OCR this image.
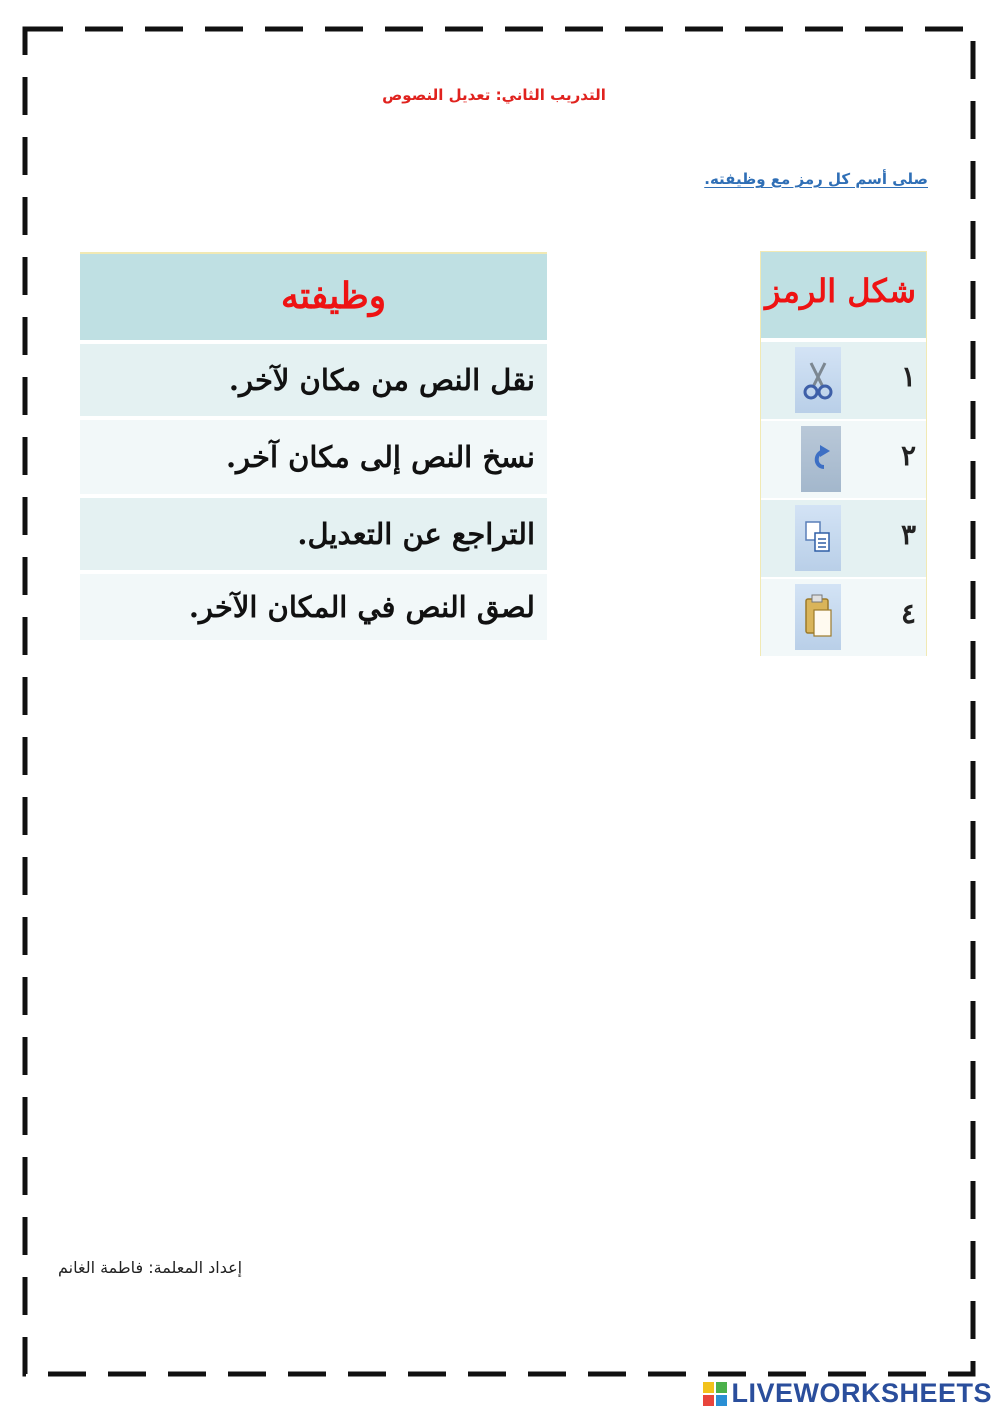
التدريب الثاني: تعديل النصوص
صلى أسم كل رمز مع وظيفته.
شكل الرمز
١
٢
٣
٤
وظيفته
نقل النص من مكان لآخر.
نسخ النص إلى مكان آخر.
التراجع عن التعديل.
لصق النص في المكان الآخر.
إعداد المعلمة: فاطمة الغانم
LIVEWORKSHEETS
